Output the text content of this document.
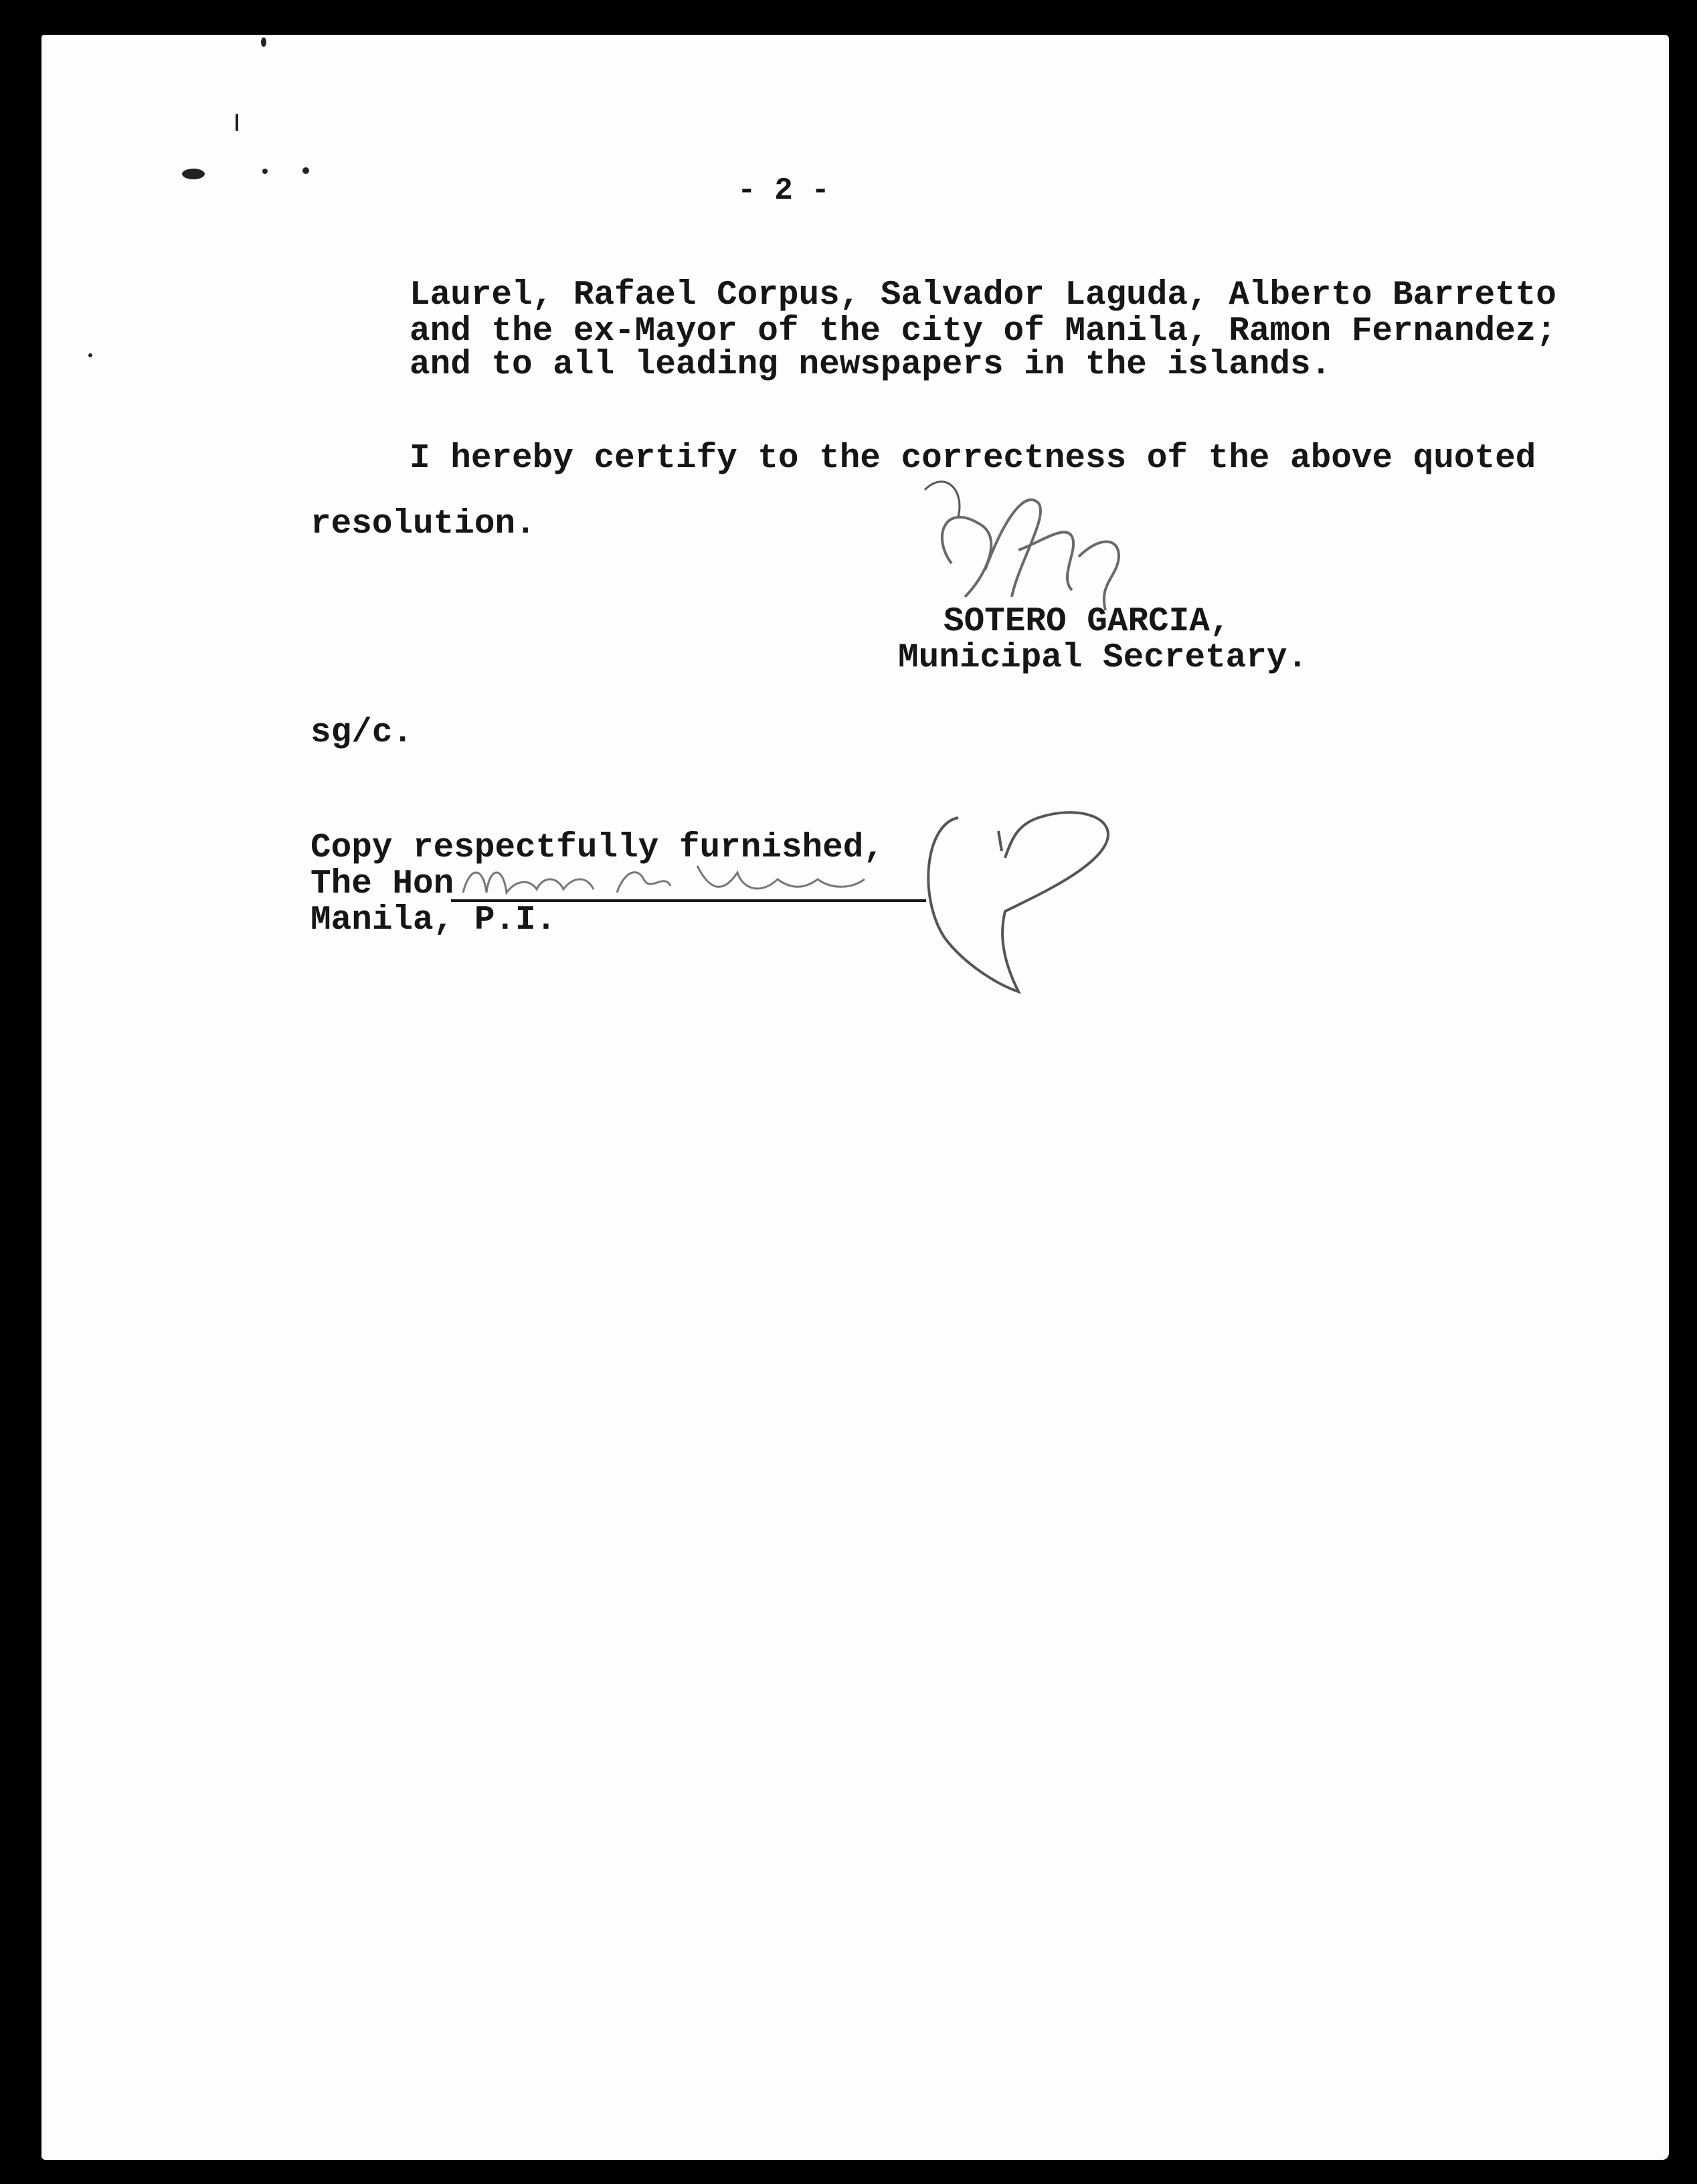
- 2 -
Laurel, Rafael Corpus, Salvador Laguda, Alberto Barretto
and the ex-Mayor of the city of Manila, Ramon Fernandez;
and to all leading newspapers in the islands.
I hereby certify to the correctness of the above quoted
resolution.
SOTERO GARCIA,
Municipal Secretary.
sg/c.
Copy respectfully furnished,
The Hon
Manila, P.I.
